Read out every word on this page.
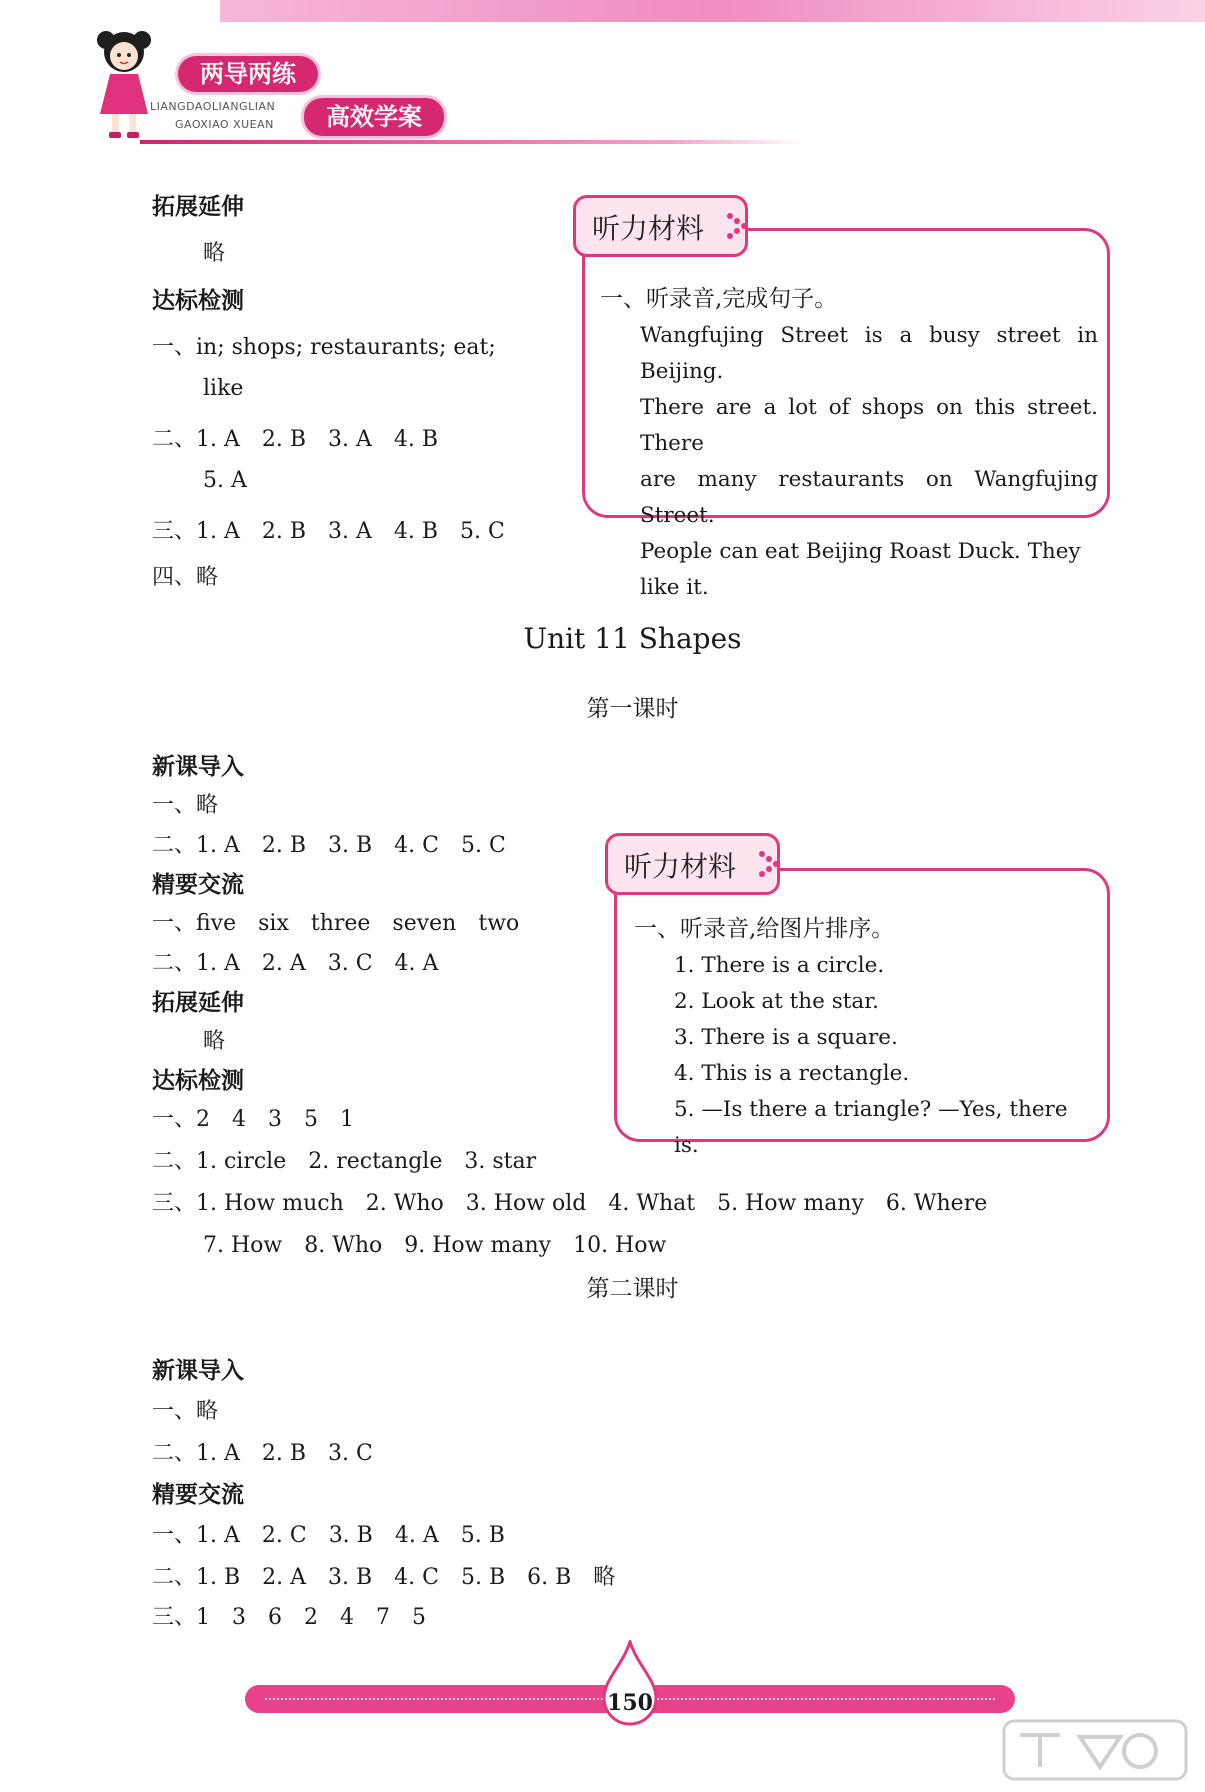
两导两练
LIANGDAOLIANGLIAN
GAOXIAO XUEAN	高效学案
拓展延伸
略
达标检测
一、in; shops; restaurants; eat;
like
二、1. A　2. B　3. A　4. B
5. A
三、1. A　2. B　3. A　4. B　5. C
四、略
听力材料
一、听录音,完成句子。
Wangfujing Street is a busy street in Beijing.
There are a lot of shops on this street. There
are many restaurants on Wangfujing Street.
People can eat Beijing Roast Duck. They
like it.
Unit 11 Shapes
第一课时
新课导入
一、略
二、1. A　2. B　3. B　4. C　5. C
精要交流
一、five　six　three　seven　two
二、1. A　2. A　3. C　4. A
拓展延伸
略
达标检测
一、2　4　3　5　1
二、1. circle　2. rectangle　3. star
三、1. How much　2. Who　3. How old　4. What　5. How many　6. Where
7. How　8. Who　9. How many　10. How
听力材料
一、听录音,给图片排序。
1. There is a circle.
2. Look at the star.
3. There is a square.
4. This is a rectangle.
5. —Is there a triangle? —Yes, there is.
第二课时
新课导入
一、略
二、1. A　2. B　3. C
精要交流
一、1. A　2. C　3. B　4. A　5. B
二、1. B　2. A　3. B　4. C　5. B　6. B　略
三、1　3　6　2　4　7　5
150
